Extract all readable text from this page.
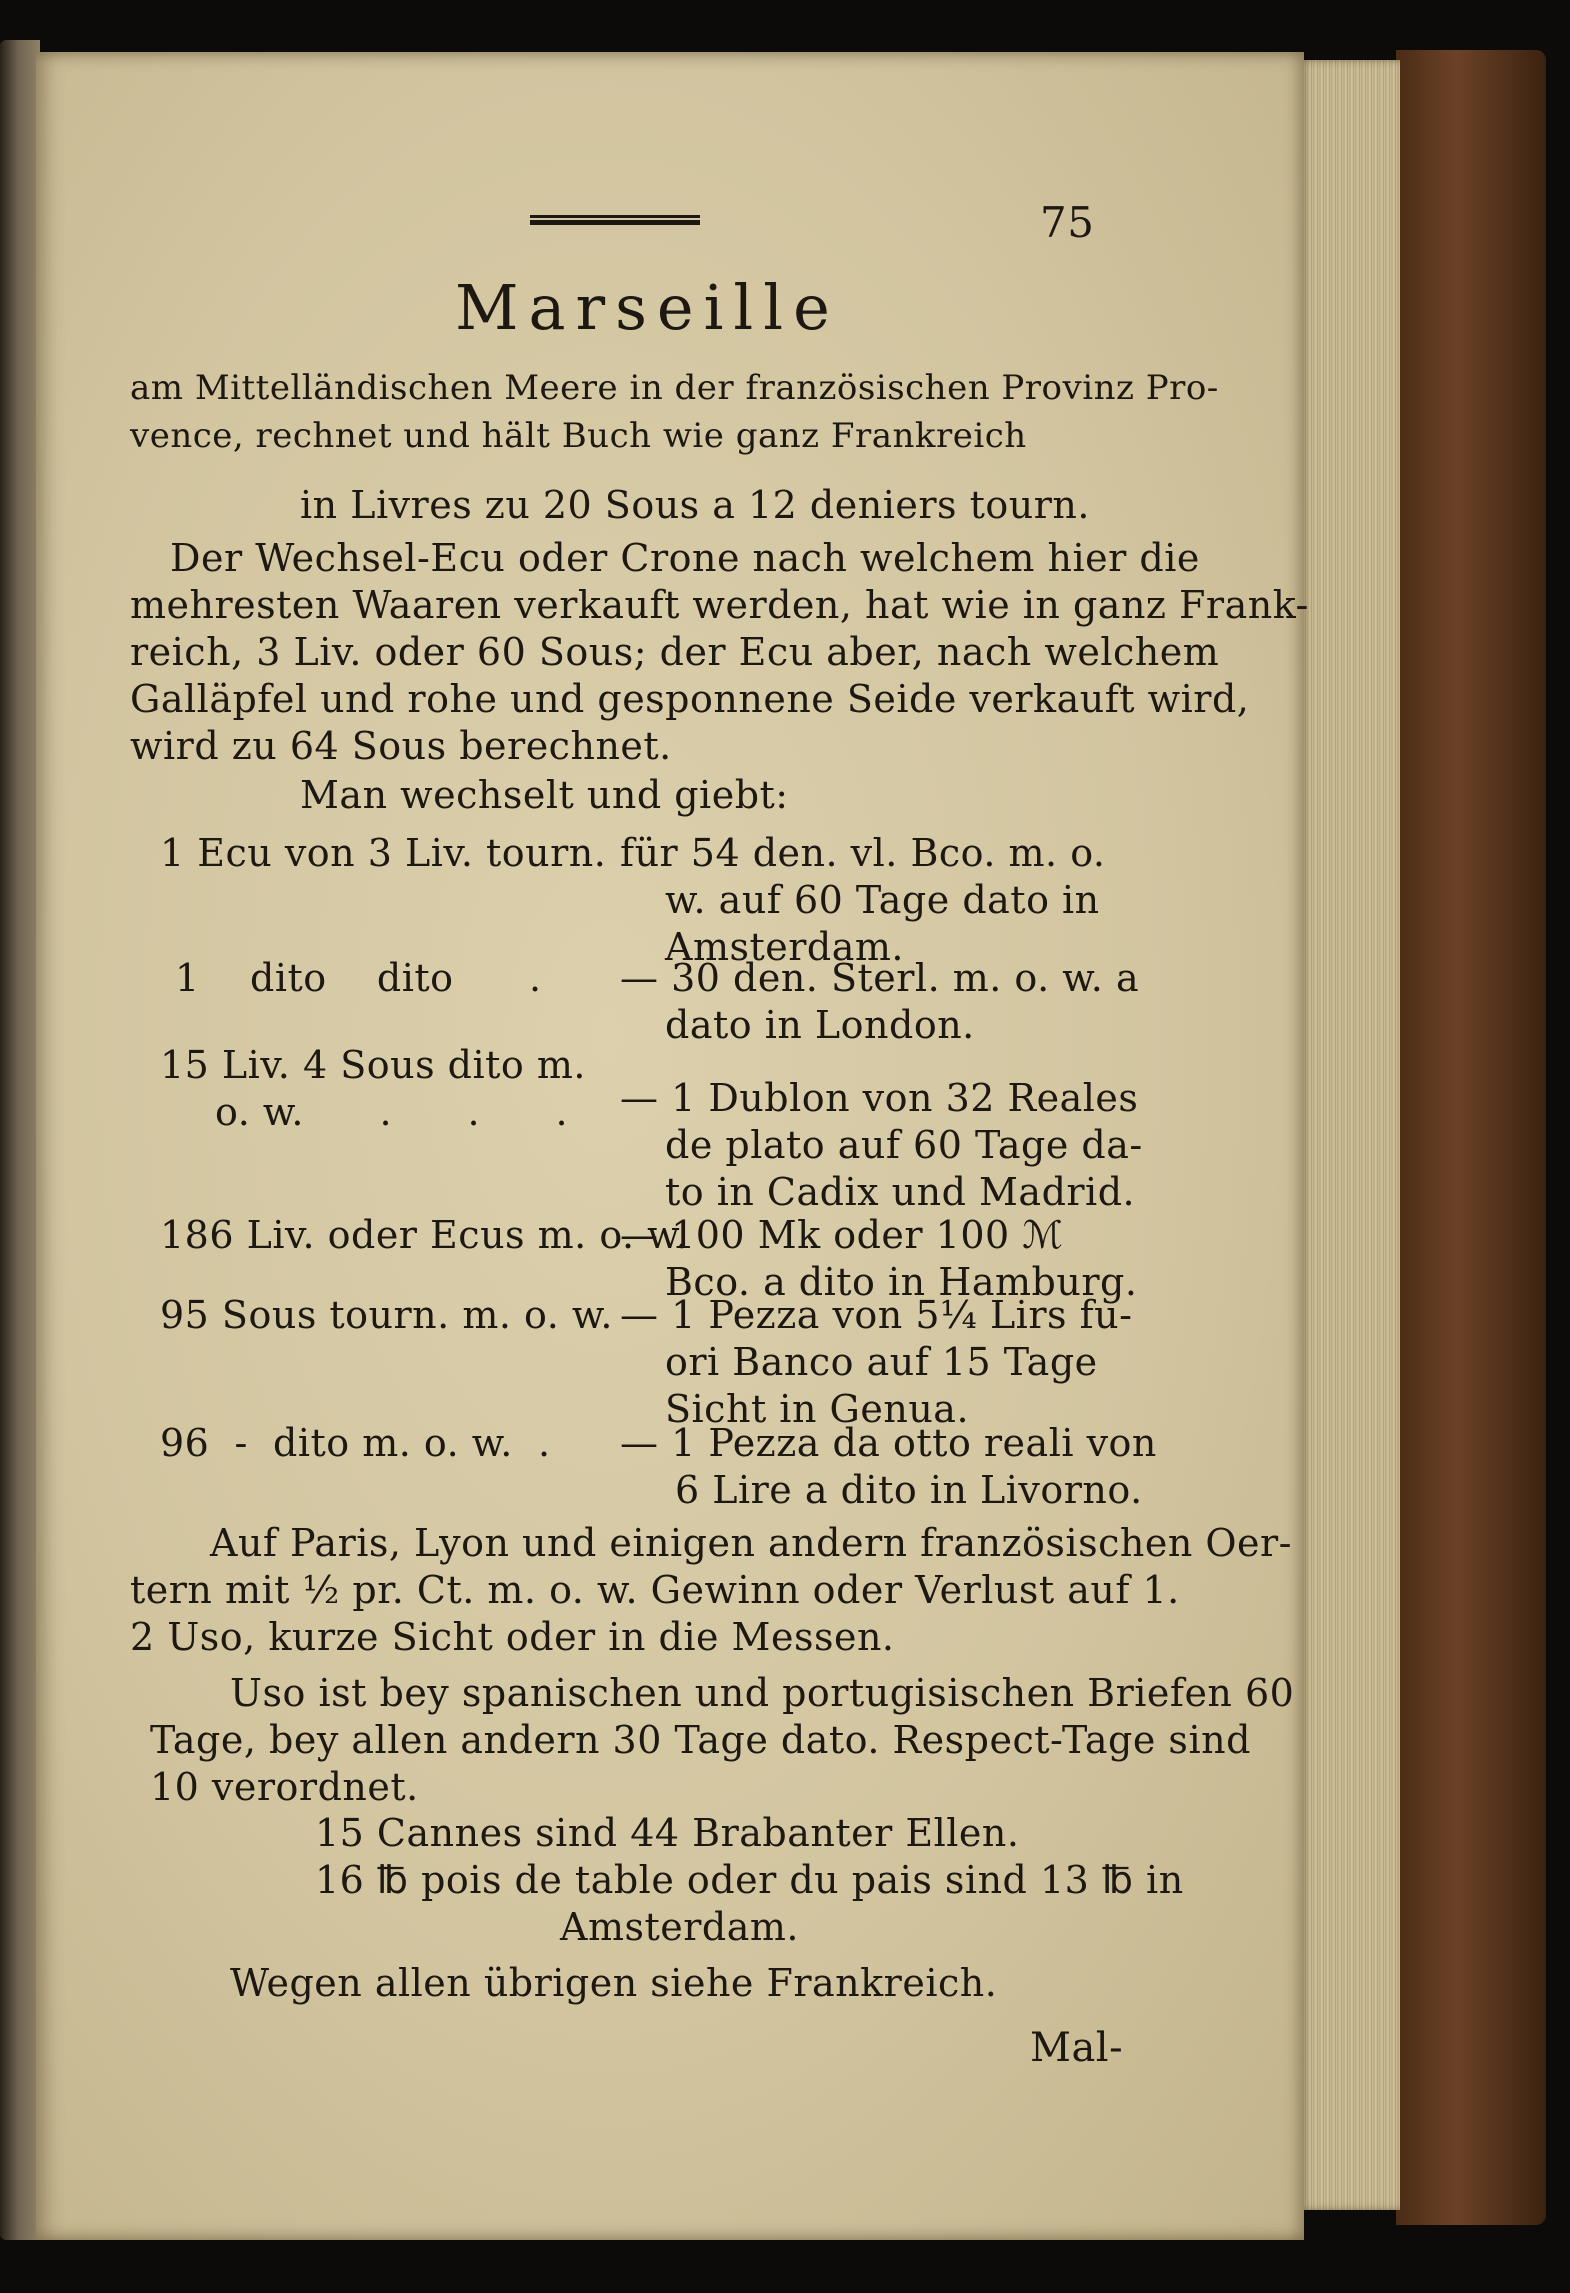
75
Marseille
am Mittelländischen Meere in der französischen Provinz Pro-
vence, rechnet und hält Buch wie ganz Frankreich
in Livres zu 20 Sous a 12 deniers tourn.
Der Wechsel-Ecu oder Crone nach welchem hier die
mehresten Waaren verkauft werden, hat wie in ganz Frank-
reich, 3 Liv. oder 60 Sous; der Ecu aber, nach welchem
Galläpfel und rohe und gesponnene Seide verkauft wird,
wird zu 64 Sous berechnet.
Man wechselt und giebt:
1 Ecu von 3 Liv. tourn. für 54 den. vl. Bco. m. o.
w. auf 60 Tage dato in
Amsterdam.
1    dito    dito      . — 30 den. Sterl. m. o. w. a
dato in London.
15 Liv. 4 Sous dito m.
o. w.      .      .      . — 1 Dublon von 32 Reales
de plato auf 60 Tage da-
to in Cadix und Madrid.
186 Liv. oder Ecus m. o. w.
— 100 Mk oder 100 ℳ
Bco. a dito in Hamburg.
95 Sous tourn. m. o. w. — 1 Pezza von 5¼ Lirs fu-
ori Banco auf 15 Tage
Sicht in Genua.
96  -  dito m. o. w.  . — 1 Pezza da otto reali von
6 Lire a dito in Livorno.
Auf Paris, Lyon und einigen andern französischen Oer-
tern mit ½ pr. Ct. m. o. w. Gewinn oder Verlust auf 1.
2 Uso, kurze Sicht oder in die Messen.
Uso ist bey spanischen und portugisischen Briefen 60
Tage, bey allen andern 30 Tage dato. Respect-Tage sind
10 verordnet.
15 Cannes sind 44 Brabanter Ellen.
16 ℔ pois de table oder du pais sind 13 ℔ in
Amsterdam.
Wegen allen übrigen siehe Frankreich.
Mal-
